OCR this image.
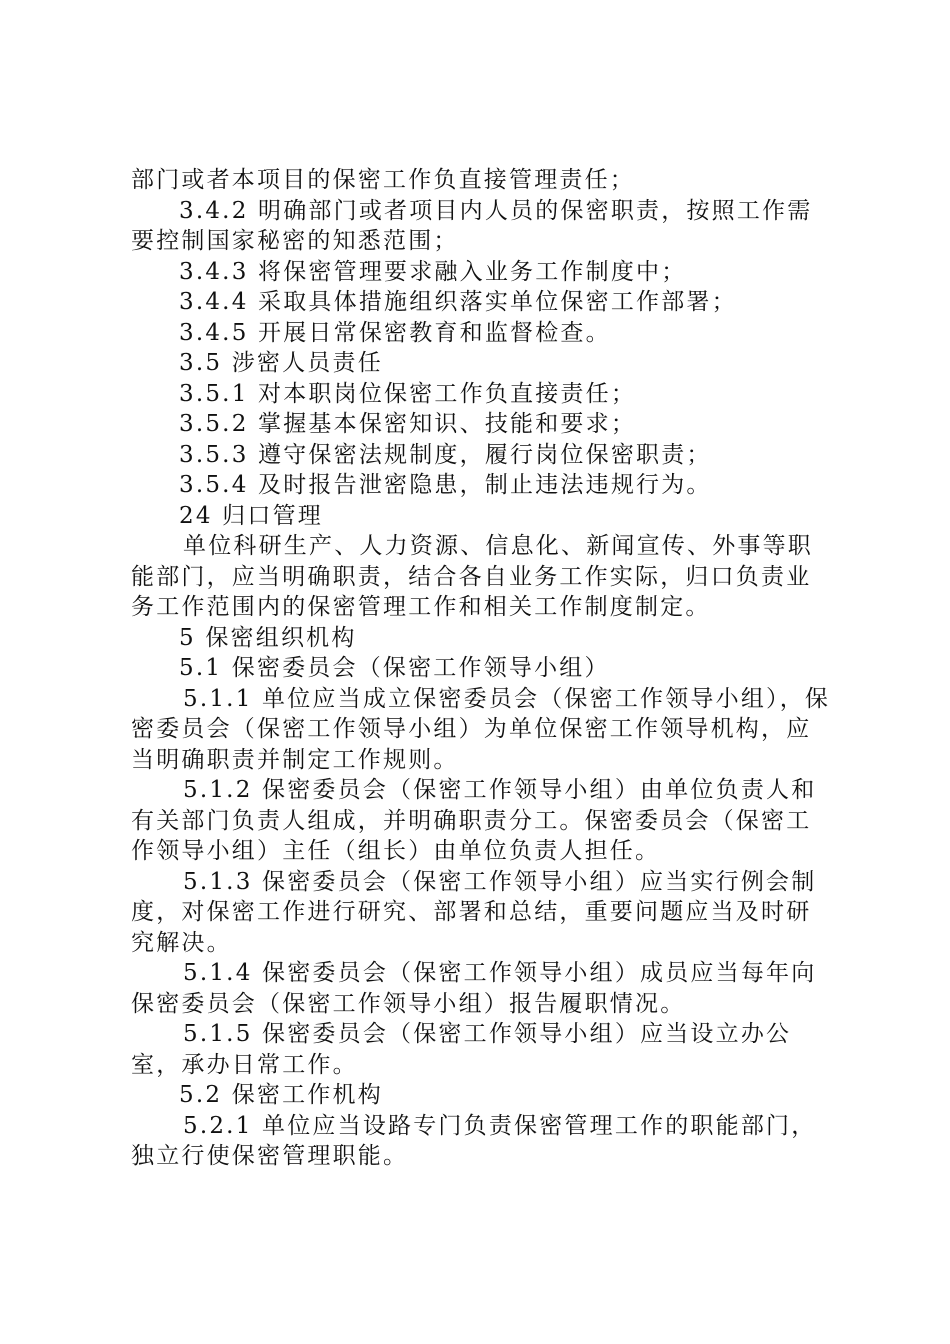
部门或者本项目的保密工作负直接管理责任；

3.4.2 明确部门或者项目内人员的保密职责，按照工作需要控制国家秘密的知悉范围；

3.4.3 将保密管理要求融入业务工作制度中；

3.4.4 采取具体措施组织落实单位保密工作部署；

3.4.5 开展日常保密教育和监督检查。

3.5 涉密人员责任

3.5.1 对本职岗位保密工作负直接责任；

3.5.2 掌握基本保密知识、技能和要求；

3.5.3 遵守保密法规制度，履行岗位保密职责；

3.5.4 及时报告泄密隐患，制止违法违规行为。

24 归口管理

单位科研生产、人力资源、信息化、新闻宣传、外事等职能部门，应当明确职责，结合各自业务工作实际，归口负责业务工作范围内的保密管理工作和相关工作制度制定。

5 保密组织机构

5.1 保密委员会（保密工作领导小组）

5.1.1 单位应当成立保密委员会（保密工作领导小组），保密委员会（保密工作领导小组）为单位保密工作领导机构，应当明确职责并制定工作规则。

5.1.2 保密委员会（保密工作领导小组）由单位负责人和有关部门负责人组成，并明确职责分工。保密委员会（保密工作领导小组）主任（组长）由单位负责人担任。

5.1.3 保密委员会（保密工作领导小组）应当实行例会制度，对保密工作进行研究、部署和总结，重要问题应当及时研究解决。

5.1.4 保密委员会（保密工作领导小组）成员应当每年向保密委员会（保密工作领导小组）报告履职情况。

5.1.5 保密委员会（保密工作领导小组）应当设立办公室，承办日常工作。

5.2 保密工作机构

5.2.1 单位应当设路专门负责保密管理工作的职能部门，独立行使保密管理职能。
